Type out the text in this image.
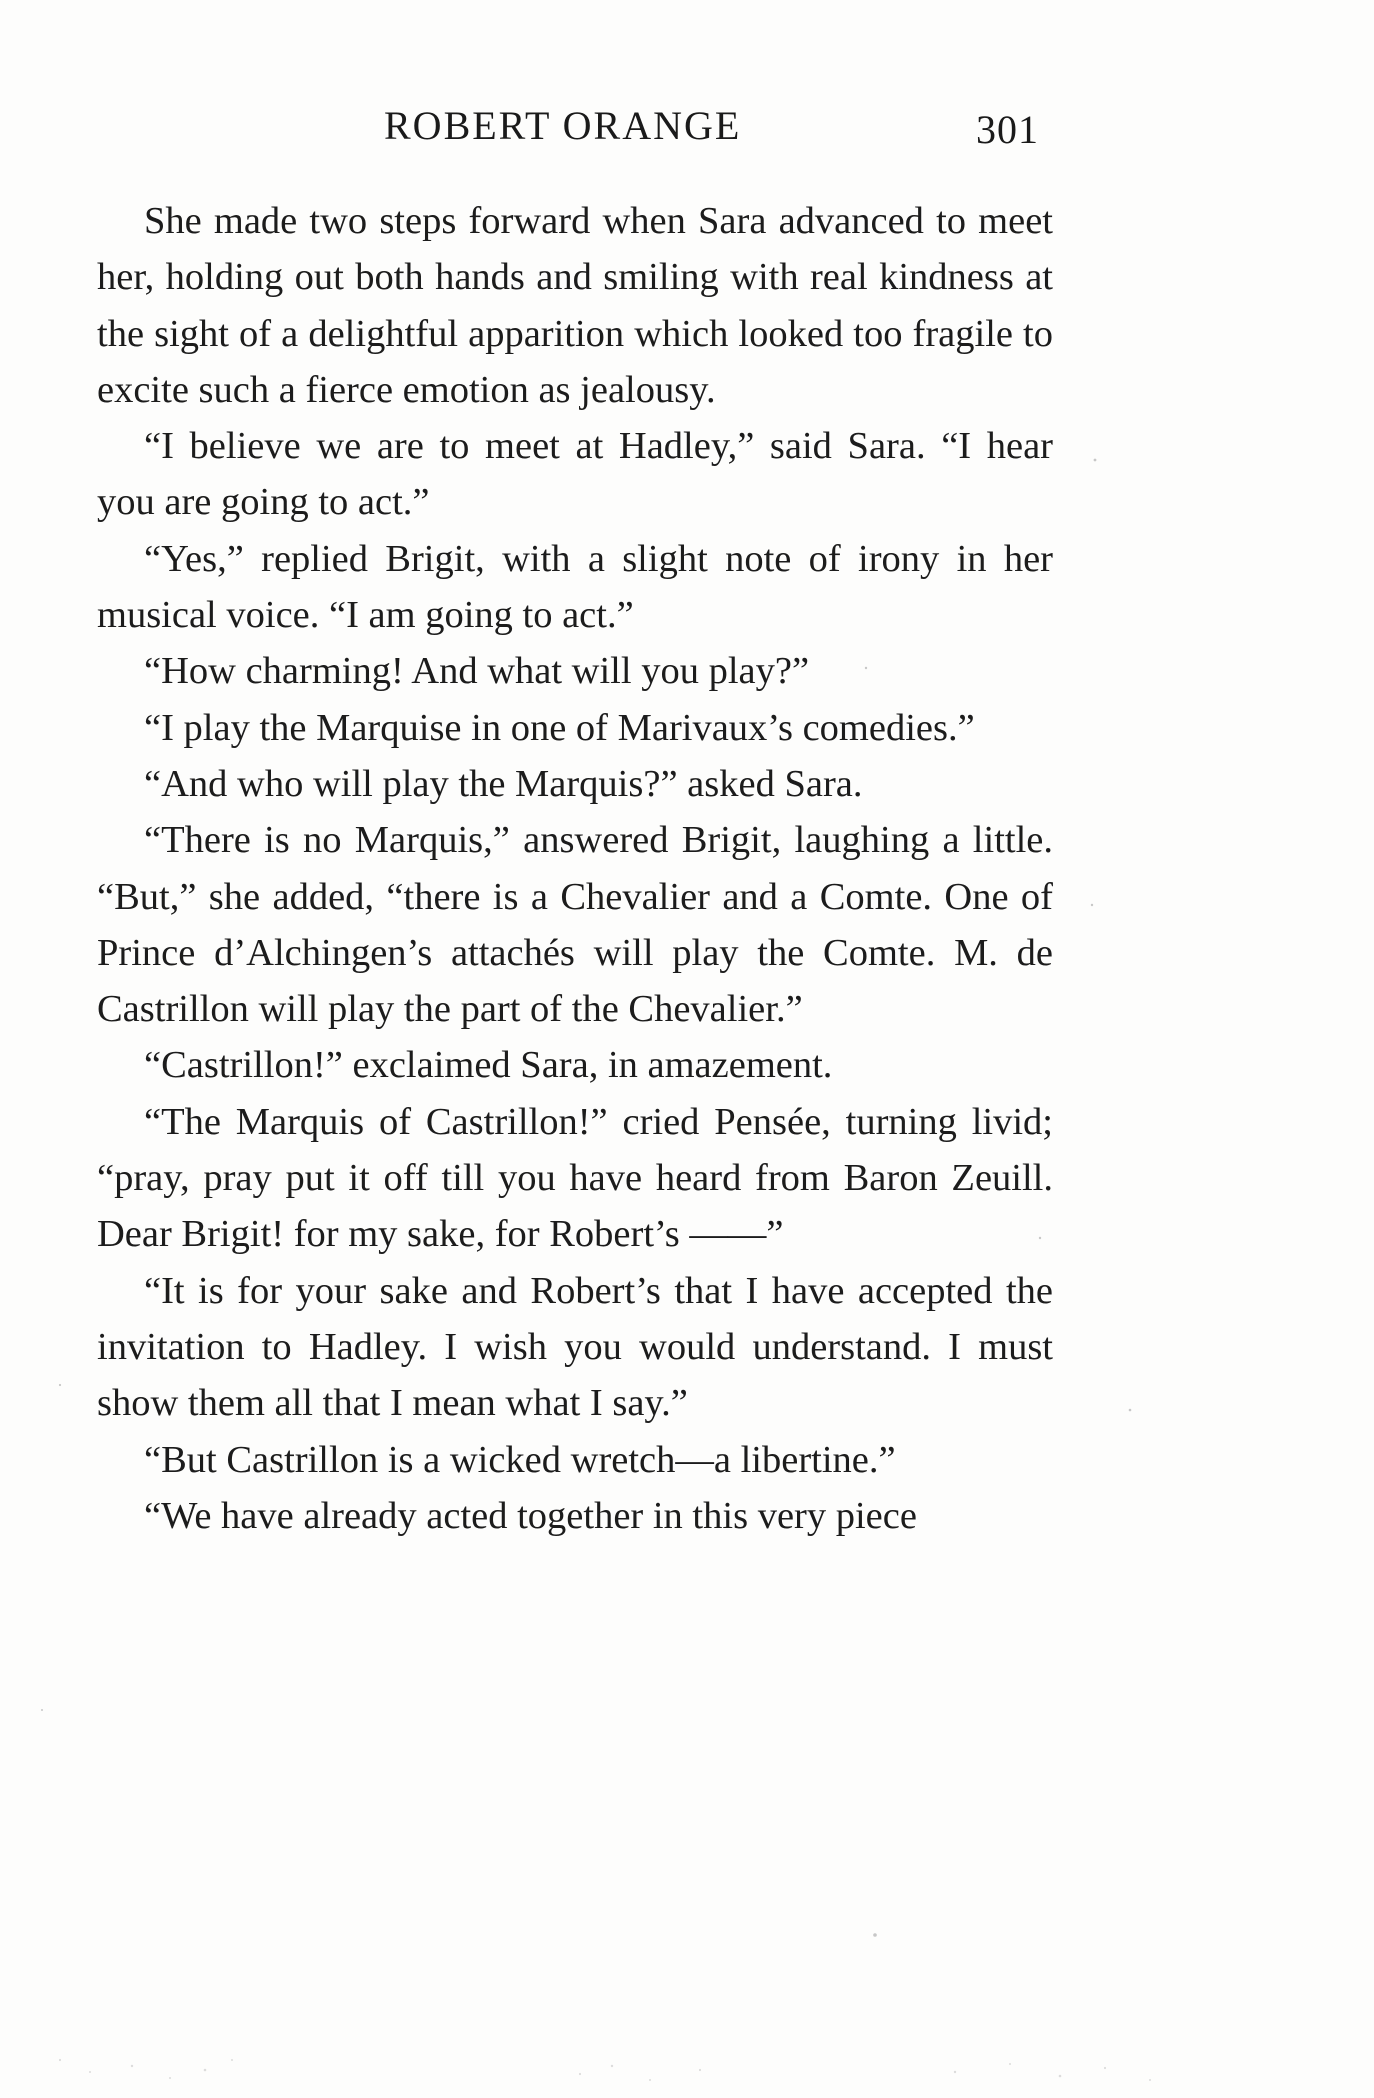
ROBERT ORANGE	301

She made two steps forward when Sara advanced to meet her, holding out both hands and smiling with real kindness at the sight of a delightful apparition which looked too fragile to excite such a fierce emotion as jealousy.

“I believe we are to meet at Hadley,” said Sara. “I hear you are going to act.”

“Yes,” replied Brigit, with a slight note of irony in her musical voice. “I am going to act.”

“How charming! And what will you play?”

“I play the Marquise in one of Marivaux’s comedies.”

“And who will play the Marquis?” asked Sara.

“There is no Marquis,” answered Brigit, laughing a little. “But,” she added, “there is a Chevalier and a Comte. One of Prince d’Alchingen’s attachés will play the Comte. M. de Castrillon will play the part of the Chevalier.”

“Castrillon!” exclaimed Sara, in amazement.

“The Marquis of Castrillon!” cried Pensée, turning livid; “pray, pray put it off till you have heard from Baron Zeuill. Dear Brigit! for my sake, for Robert’s ——”

“It is for your sake and Robert’s that I have accepted the invitation to Hadley. I wish you would understand. I must show them all that I mean what I say.”

“But Castrillon is a wicked wretch—a libertine.”

“We have already acted together in this very piece
